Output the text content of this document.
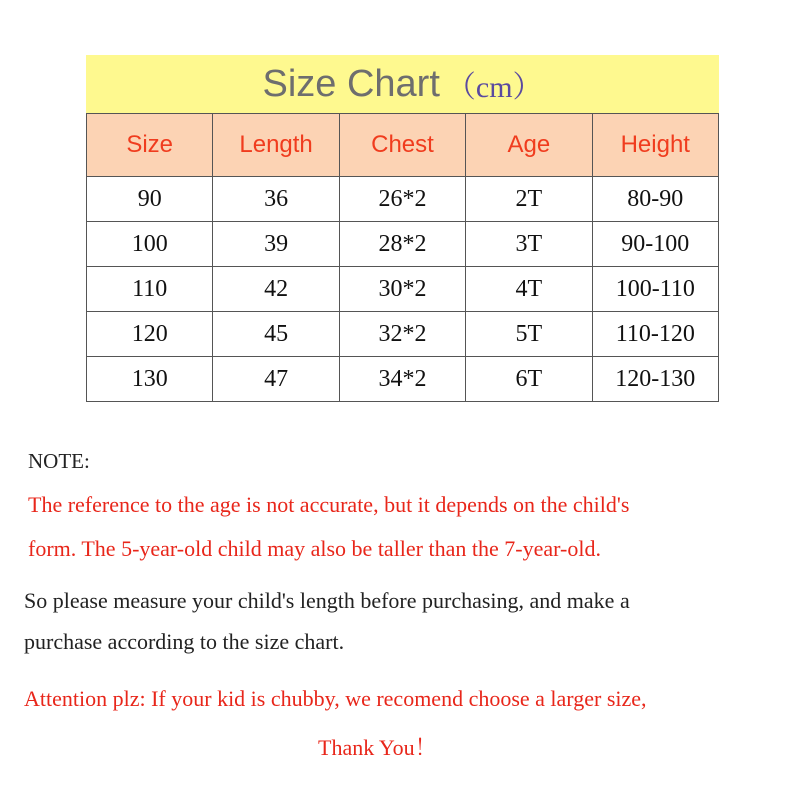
Size Chart （cm）
Size	Length	Chest	Age	Height
90	36	26*2	2T	80-90
100	39	28*2	3T	90-100
110	42	30*2	4T	100-110
120	45	32*2	5T	110-120
130	47	34*2	6T	120-130
NOTE:
The reference to the age is not accurate, but it depends on the child's
form. The 5-year-old child may also be taller than the 7-year-old.
So please measure your child's length before purchasing, and make a
purchase according to the size chart.
Attention plz: If your kid is chubby, we recomend choose a larger size,
Thank You！
